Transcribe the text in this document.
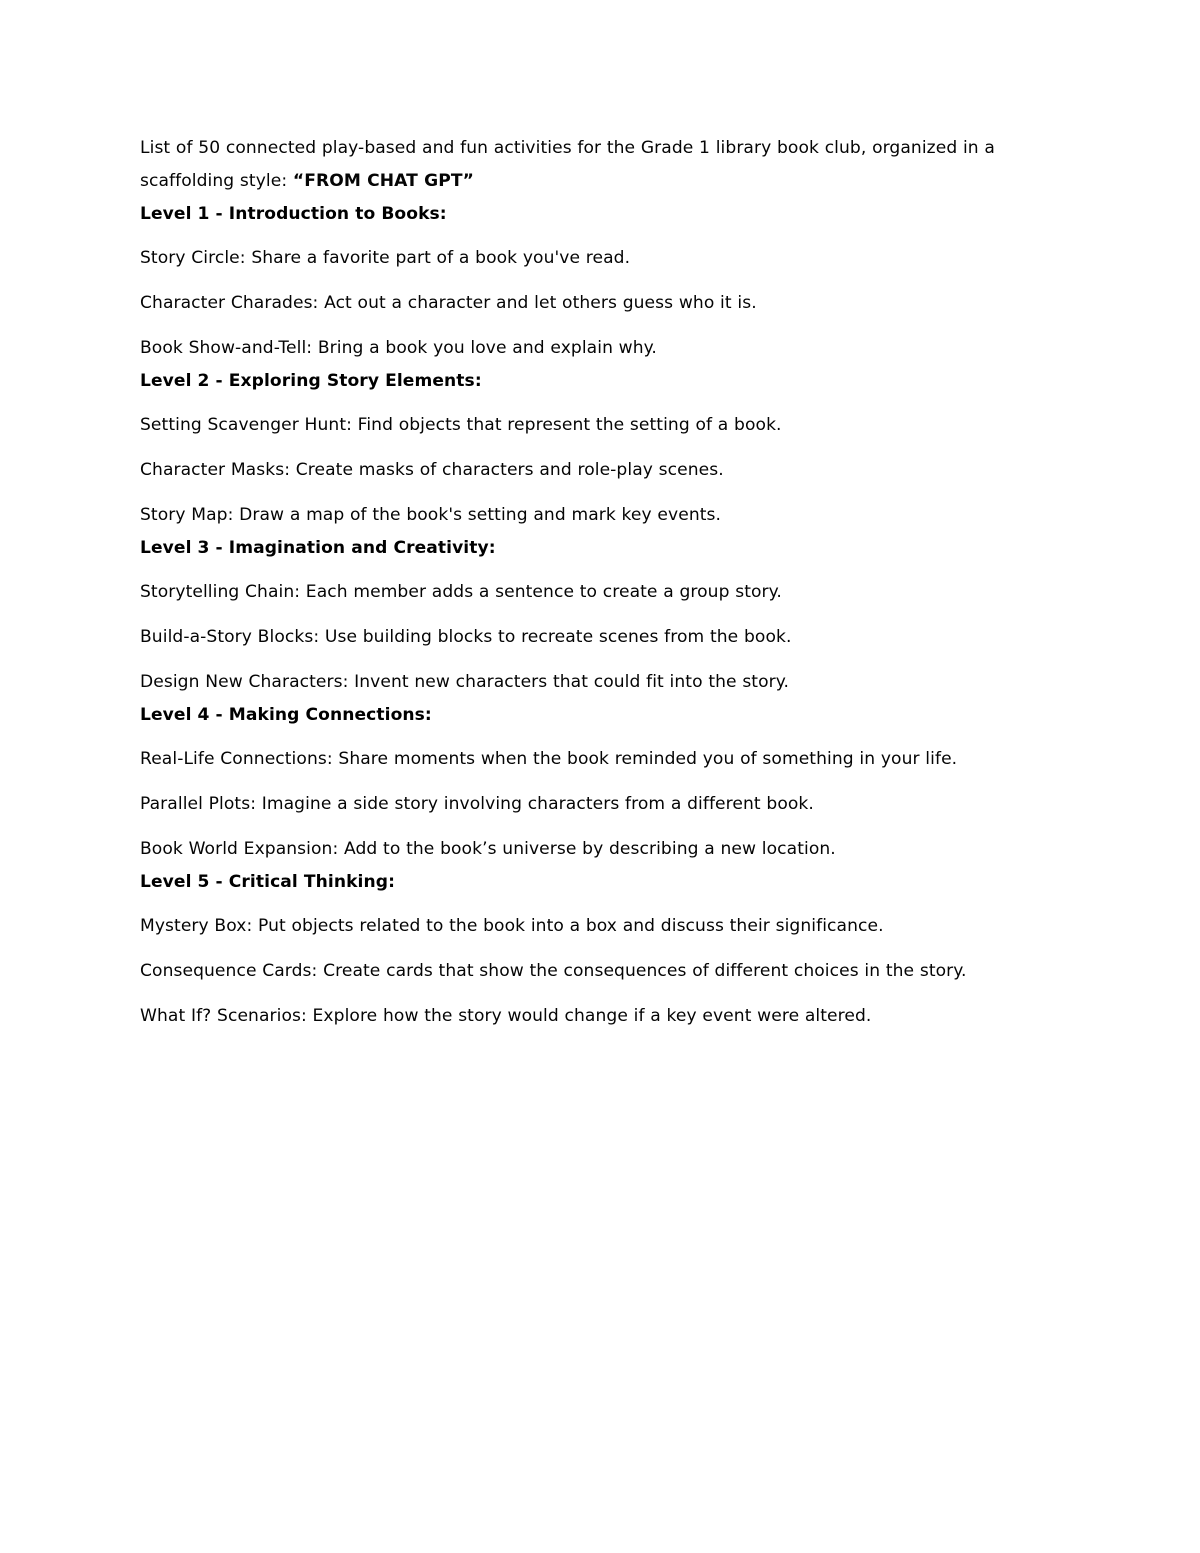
List of 50 connected play-based and fun activities for the Grade 1 library book club, organized in a scaffolding style: “FROM CHAT GPT”

Level 1 - Introduction to Books:

Story Circle: Share a favorite part of a book you've read.

Character Charades: Act out a character and let others guess who it is.

Book Show-and-Tell: Bring a book you love and explain why.

Level 2 - Exploring Story Elements:

Setting Scavenger Hunt: Find objects that represent the setting of a book.

Character Masks: Create masks of characters and role-play scenes.

Story Map: Draw a map of the book's setting and mark key events.

Level 3 - Imagination and Creativity:

Storytelling Chain: Each member adds a sentence to create a group story.

Build-a-Story Blocks: Use building blocks to recreate scenes from the book.

Design New Characters: Invent new characters that could fit into the story.

Level 4 - Making Connections:

Real-Life Connections: Share moments when the book reminded you of something in your life.

Parallel Plots: Imagine a side story involving characters from a different book.

Book World Expansion: Add to the book’s universe by describing a new location.

Level 5 - Critical Thinking:

Mystery Box: Put objects related to the book into a box and discuss their significance.

Consequence Cards: Create cards that show the consequences of different choices in the story.

What If? Scenarios: Explore how the story would change if a key event were altered.
